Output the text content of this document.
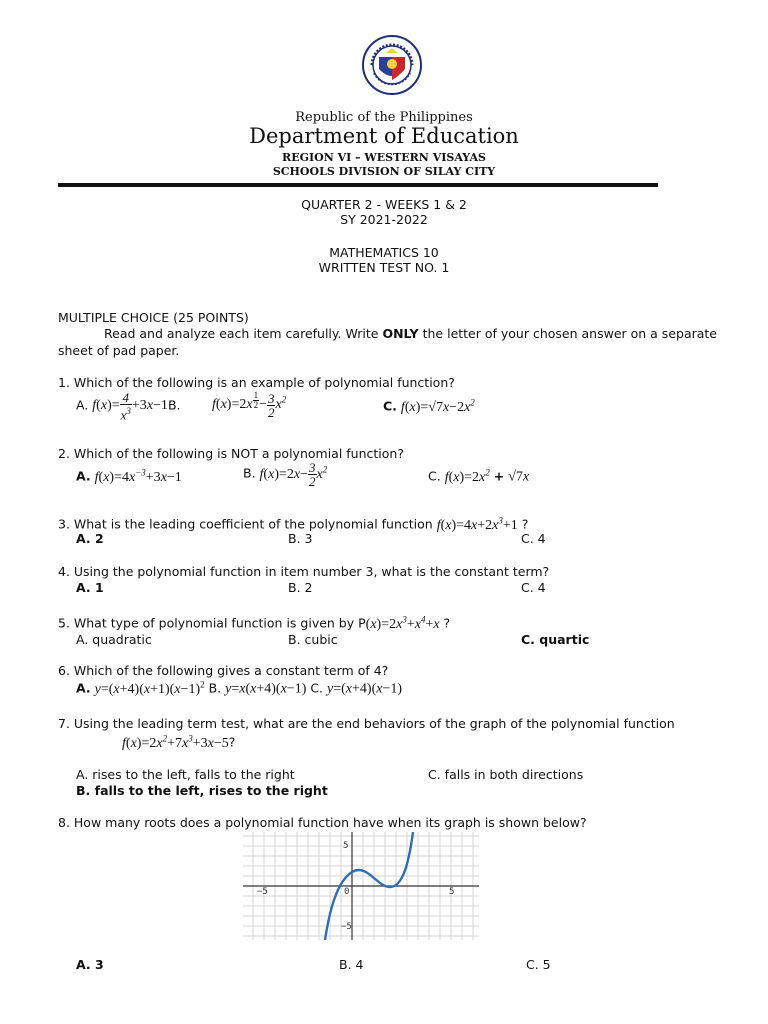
Republic of the Philippines
Department of Education
REGION VI – WESTERN VISAYAS
SCHOOLS DIVISION OF SILAY CITY
QUARTER 2 - WEEKS 1 & 2
SY 2021-2022
MATHEMATICS 10
WRITTEN TEST NO. 1
MULTIPLE CHOICE (25 POINTS)
Read and analyze each item carefully. Write ONLY the letter of your chosen answer on a separate
sheet of pad paper.
1. Which of the following is an example of polynomial function?
A. $f(x)= \frac{4}{x^3} +3x-1B$. f(x)=2x $^{\frac{1}{2}} - \frac{3}{2} x^2$	C. $f(x)=√7x-2x^2$
2. Which of the following is NOT a polynomial function?
A. $f(x)=4x^{-3}+3x-1$	B. $f(x)=2x- \frac{3}{2} x^2$	C. $f(x)=2x^2 + √7x$
3. What is the leading coefficient of the polynomial function $f(x)=4x+2x^3+1$ ?
A. 2	B. 3	C. 4
4. Using the polynomial function in item number 3, what is the constant term?
A. 1	B. 2	C. 4
5. What type of polynomial function is given by $P(x)=2x^3+x^4+x$ ?
A. quadratic	B. cubic	C. quartic
6. Which of the following gives a constant term of 4?
A. $y=(x+4)(x+1)(x-1)^2$ B. y=x(x+4)(x−1) C. y=(x+4)(x−1)
7. Using the leading term test, what are the end behaviors of the graph of the polynomial function
$f(x)=2x^2+7x^3+3x-5$?
A. rises to the left, falls to the right	C. falls in both directions
B. falls to the left, rises to the right
8. How many roots does a polynomial function have when its graph is shown below?
5
−5	0	5
−5
A. 3	B. 4	C. 5
